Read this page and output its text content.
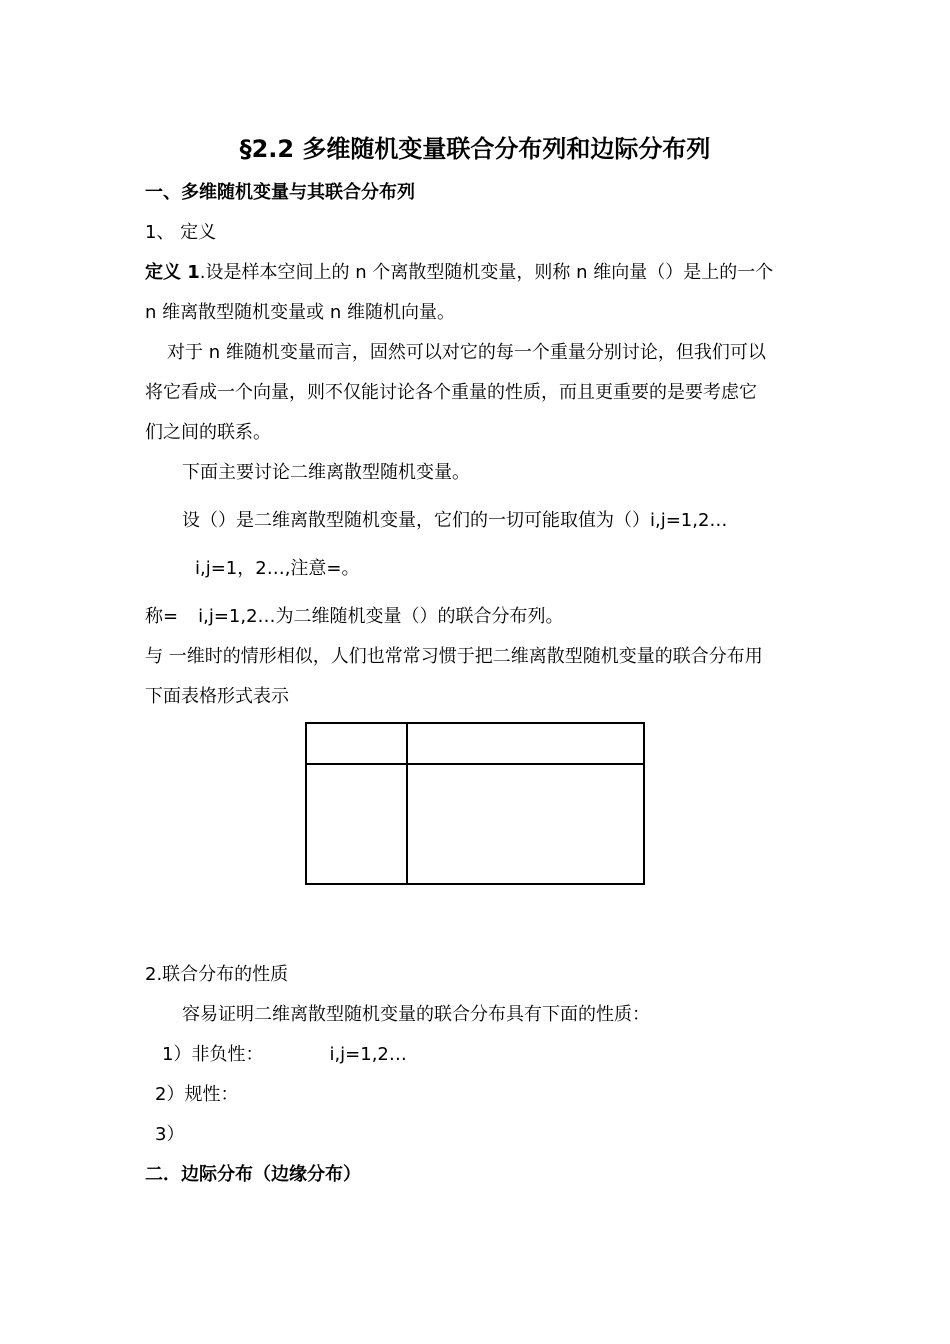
§2.2 多维随机变量联合分布列和边际分布列
一、多维随机变量与其联合分布列
1、 定义
定义 1.设是样本空间上的 n 个离散型随机变量，则称 n 维向量（）是上的一个
n 维离散型随机变量或 n 维随机向量。
对于 n 维随机变量而言，固然可以对它的每一个重量分别讨论，但我们可以
将它看成一个向量，则不仅能讨论各个重量的性质，而且更重要的是要考虑它
们之间的联系。
下面主要讨论二维离散型随机变量。
设（）是二维离散型随机变量，它们的一切可能取值为（）i,j=1,2…
i,j=1，2…,注意=。
称= i,j=1,2…为二维随机变量（）的联合分布列。
与 一维时的情形相似，人们也常常习惯于把二维离散型随机变量的联合分布用
下面表格形式表示

2.联合分布的性质
容易证明二维离散型随机变量的联合分布具有下面的性质：
1）非负性：	i,j=1,2…
2）规性：
3）
二．边际分布（边缘分布）
